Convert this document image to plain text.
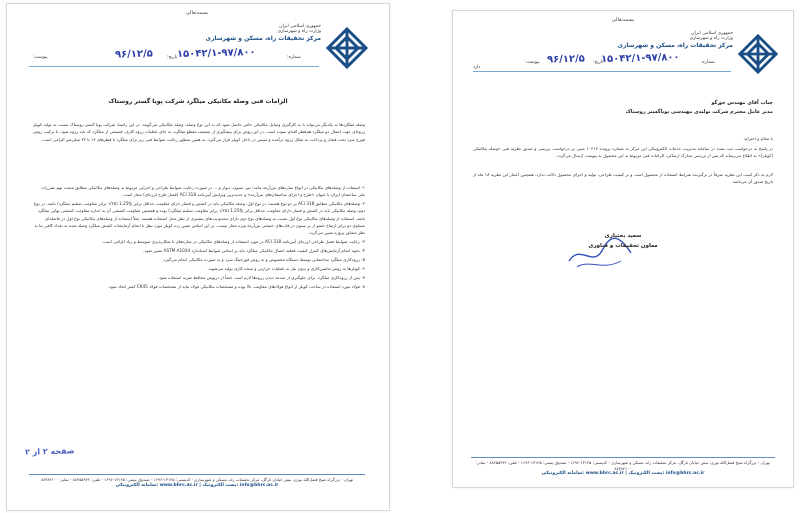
بسمه‌تعالی
جمهوری اسلامی ایران
وزارت راه و شهرسازی
مرکز تحقیقات راه، مسکن و شهرسازی
شماره:
تاریخ:
پیوست:	۱۵۰۴۲/۱-۹۷/۸۰۰
۹۶/۱۲/۵
الزامات فنی وصله مکانیکی میلگرد شرکت پویا گستر روستاک
وصله میلگردها به یکدیگر می‌تواند با به کارگیری وسایل مکانیکی خاص حاصل شود که به این نوع وصله، وصله مکانیکی می‌گویند. در این راستا، شرکت پویا گستر روستاک نسبت به تولید کوپلر رزوه‌ای جهت اتصال دو میلگرد هم‌قطر اقدام نموده است. در این روش برای پیشگیری از تضعیف مقطع میلگرد، به جای عملیات رزوه کاری، قسمتی از میلگرد که باید رزوه شود، با ترکیب روش فورج سرد تحت فشار و پرداخت به شکل رزوه درآمده و سپس در داخل کوپلر قرار می‌گیرد. به همین منظور رعایت ضوابط فنی زیر برای میلگرد با قطرهای ۱۶ تا ۳۲ میلی‌متر الزامی است.
۱- استفاده از وصله‌های مکانیکی در انواع سازه‌های بتن‌آرمه مانند: تیر، ستون، دیوار و ... در صورت رعایت ضوابط طراحی و اجرایی مربوط به وصله‌های مکانیکی مطابق مبحث نهم مقررات ملی ساختمان ایران با عنوان «طرح و اجرای ساختمان‌های بتن‌آرمه» و جدیدترین ویرایش آیین‌نامه ACI 318 (فصل طرح لرزه‌ای) مجاز است.
۲- وصله‌های مکانیکی مطابق ACI 318 بر دو نوع هستند: در نوع اول، وصله مکانیکی باید در کشش و فشار دارای مقاومت حداقل برابر 1.25fy (۱/۲۵ برابر مقاومت تسلیم میلگرد) باشد. در نوع دوم، وصله مکانیکی باید در کشش و فشار دارای مقاومت حداقل برابر 1.25fy (۱/۲۵ برابر مقاومت تسلیم میلگرد) بوده و همچنین مقاومت کششی آن به اندازه مقاومت کششی نهایی میلگرد باشد. استفاده از وصله‌های مکانیکی نوع اول نسبت به وصله‌های نوع دوم دارای محدودیت‌های بیشتری از نظر محل استفاده هستند. مثلاً استفاده از وصله‌های مکانیکی نوع اول در فاصله‌ای مساوی دو برابر ارتفاع عضو از بر ستون در قاب‌های خمشی بتن‌آرمه ویژه مجاز نیست. بر این اساس تعیین رده کوپلر مورد نظر با انجام آزمایشات کشش میلگرد وصله شده به تعداد کافی بنا به نظر مشاور پروژه تعیین می‌گردد.
۳- رعایت ضوابط فصل طراحی لرزه‌ای آیین‌نامه ACI 318 در مورد استفاده از وصله‌های مکانیکی در سازه‌های با شکل‌پذیری متوسط و زیاد الزامی است.
۴- نحوه انجام آزمایش‌های کنترل کیفیت قطعه اتصال مکانیکی میلگرد باید بر اساس ضوابط استاندارد ASTM A1034 تعیین شود.
۵- رزوه‌کاری میلگرد ساختمانی توسط دستگاه مخصوص و به روش فورجینگ سرد و به صورت مکانیکی انجام می‌گیرد.
۶- کوپلرها به روش ماشین‌کاری و بدون نیاز به عملیات حرارتی و سخت‌کاری تولید می‌شوند.
۷- پس از رزوه‌کاری میلگرد، برای جلوگیری از صدمه دیدن رزوه‌ها لازم است حتماً از درپوش محافظ ضربه استفاده شود.
۸- فولاد مورد استفاده در ساخت کوپلر از انواع فولادهای مقاومت بالا بوده و مشخصات مکانیکی فولاد نباید از مشخصات فولاد CK45 کمتر اتخاذ شود.
صفحه ۲ از ۲
تهران - بزرگراه شیخ فضل‌الله نوری، نبش خیابان نارگل، مرکز تحقیقات راه، مسکن و شهرسازی - کدپستی: ۱۳۱۴۵-۱۶۹۶ - صندوق پستی: ۱۳۱۴۵-۱۶۹۶ - تلفن: ۸۸۲۵۵۹۴۲ - نمابر: ۸۸۳۸۴۱۰۰
سامانه الکترونیکی: www.bhrc.ac.ir | پست الکترونیک: info@bhrc.ac.ir
بسمه‌تعالی
جمهوری اسلامی ایران
وزارت راه و شهرسازی
مرکز تحقیقات راه، مسکن و شهرسازی
شماره:
تاریخ:
پیوست:
دارد
۱۵۰۴۲/۱-۹۷/۸۰۰
۹۶/۱۲/۵
جناب آقای مهندس حق‌گو
مدیر عامل محترم شرکت تولیدی مهندسی پویاگستر روستاک
با سلام و احترام؛
در پاسخ به درخواست ثبت شده در سامانه مدیریت خدمات الکترونیکی این مرکز به شماره پرونده ۱۰۲۱۳ مبنی بر درخواست بررسی و صدور نظریه فنی «وصله مکانیکی (کوپلر)» به اطلاع می‌رساند که پس از بررسی مدارک ارسالی، الزامات فنی مربوط به این محصول به پیوست ارسال می‌گردد.
لازم به ذکر است این نظریه صرفاً در برگیرنده شرایط استفاده از محصول است و بر کیفیت طراحی، تولید و اجرای محصول دلالت ندارد، همچنین اعتبار این نظریه ۱۸ ماه از تاریخ صدور آن می‌باشد.
سعید بختیاری
معاون تحقیقات و فناوری
تهران - بزرگراه شیخ فضل‌الله نوری، نبش خیابان نارگل، مرکز تحقیقات راه، مسکن و شهرسازی - کدپستی: ۱۳۱۴۵-۱۶۹۶ - صندوق پستی: ۱۳۱۴۵-۱۶۹۶ - تلفن: ۸۸۲۵۵۹۴۲ - نمابر: ۸۸۳۸۴۱۰۰
سامانه الکترونیکی: www.bhrc.ac.ir | پست الکترونیک: info@bhrc.ac.ir
